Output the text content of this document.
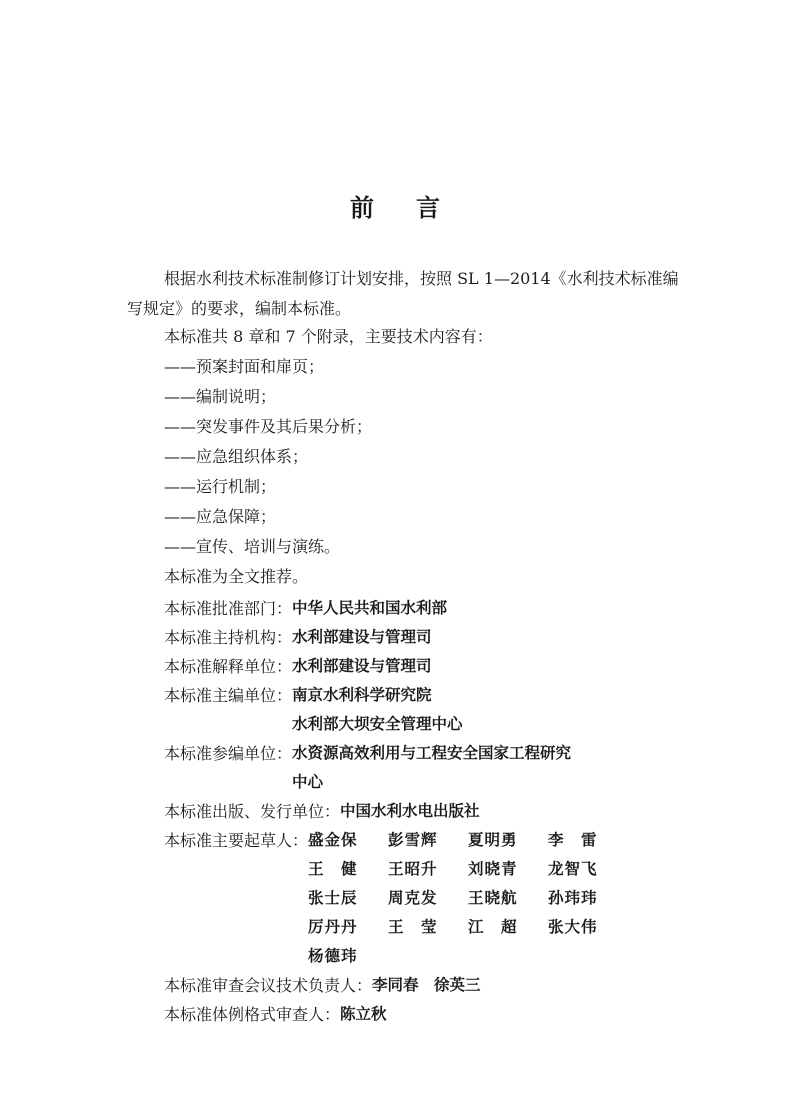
前 言
根据水利技术标准制修订计划安排，按照 SL 1—2014《水利技术标准编写规定》的要求，编制本标准。
本标准共 8 章和 7 个附录，主要技术内容有：
——预案封面和扉页；
——编制说明；
——突发事件及其后果分析；
——应急组织体系；
——运行机制；
——应急保障；
——宣传、培训与演练。
本标准为全文推荐。
本标准批准部门： 中华人民共和国水利部
本标准主持机构： 水利部建设与管理司
本标准解释单位： 水利部建设与管理司
本标准主编单位： 南京水利科学研究院
水利部大坝安全管理中心
本标准参编单位： 水资源高效利用与工程安全国家工程研究
中心
本标准出版、发行单位： 中国水利水电出版社
本标准主要起草人： 盛金保	彭雪辉	夏明勇	李　雷
王　健	王昭升	刘晓青	龙智飞
张士辰	周克发	王晓航	孙玮玮
厉丹丹	王　莹	江　超	张大伟
杨德玮
本标准审查会议技术负责人： 李同春　徐英三
本标准体例格式审查人： 陈立秋
